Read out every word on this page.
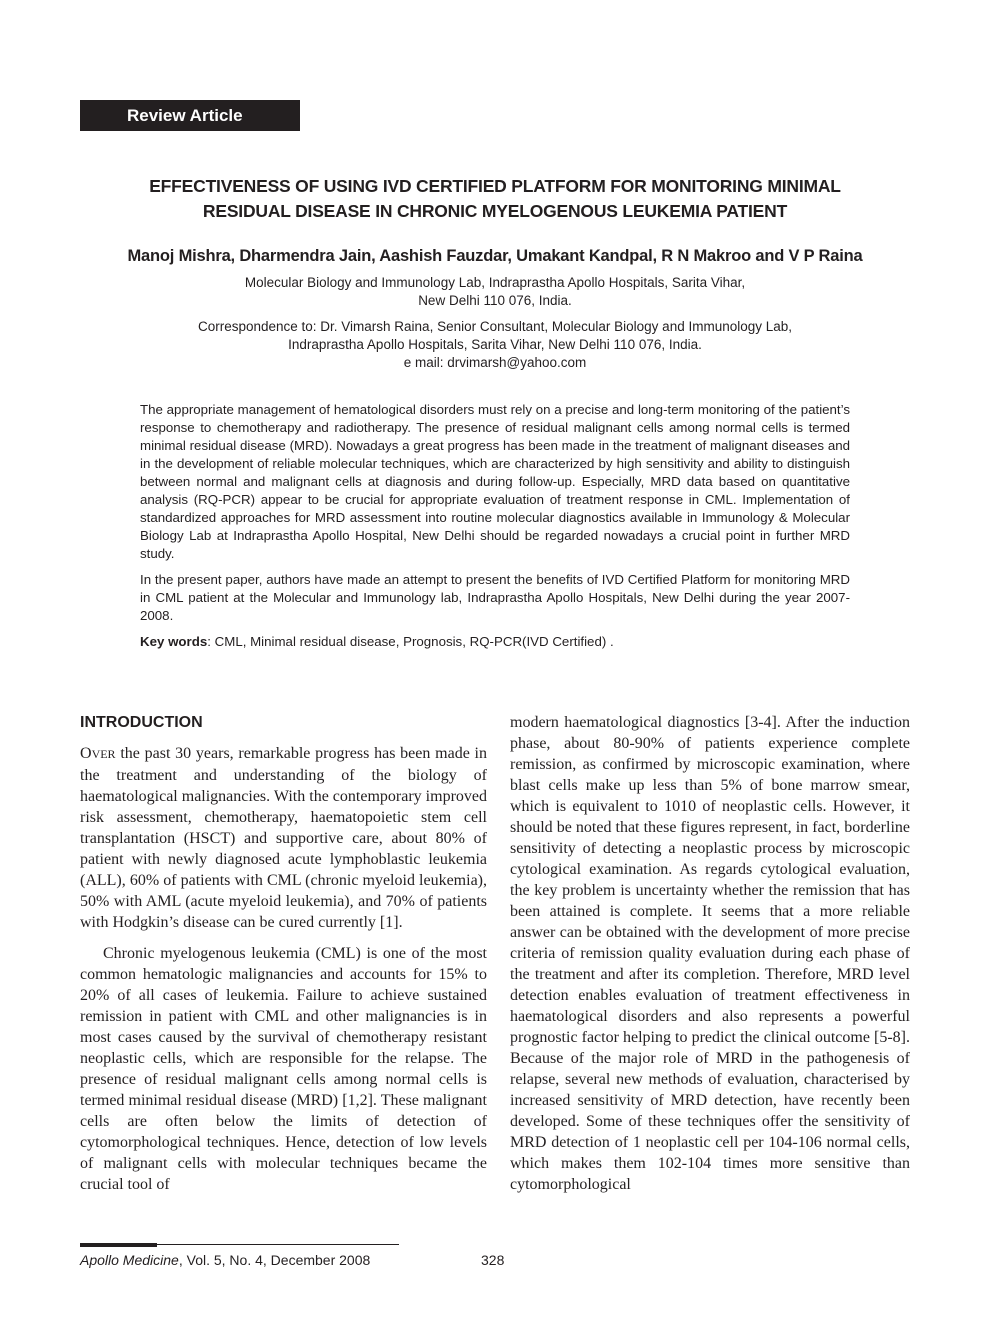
Review Article
EFFECTIVENESS OF USING IVD CERTIFIED PLATFORM FOR MONITORING MINIMAL
RESIDUAL DISEASE IN CHRONIC MYELOGENOUS LEUKEMIA PATIENT

Manoj Mishra, Dharmendra Jain, Aashish Fauzdar, Umakant Kandpal, R N Makroo and V P Raina

Molecular Biology and Immunology Lab, Indraprastha Apollo Hospitals, Sarita Vihar,
New Delhi 110 076, India.
Correspondence to: Dr. Vimarsh Raina, Senior Consultant, Molecular Biology and Immunology Lab,
Indraprastha Apollo Hospitals, Sarita Vihar, New Delhi 110 076, India.
e mail: drvimarsh@yahoo.com

The appropriate management of hematological disorders must rely on a precise and long-term monitoring of the patient’s response to chemotherapy and radiotherapy. The presence of residual malignant cells among normal cells is termed minimal residual disease (MRD). Nowadays a great progress has been made in the treatment of malignant diseases and in the development of reliable molecular techniques, which are characterized by high sensitivity and ability to distinguish between normal and malignant cells at diagnosis and during follow-up. Especially, MRD data based on quantitative analysis (RQ-PCR) appear to be crucial for appropriate evaluation of treatment response in CML. Implementation of standardized approaches for MRD assessment into routine molecular diagnostics available in Immunology & Molecular Biology Lab at Indraprastha Apollo Hospital, New Delhi should be regarded nowadays a crucial point in further MRD study.

In the present paper, authors have made an attempt to present the benefits of IVD Certified Platform for monitoring MRD in CML patient at the Molecular and Immunology lab, Indraprastha Apollo Hospitals, New Delhi during the year 2007-2008.

Key words: CML, Minimal residual disease, Prognosis, RQ-PCR(IVD Certified) .

INTRODUCTION

OVER the past 30 years, remarkable progress has been made in the treatment and understanding of the biology of haematological malignancies. With the contemporary improved risk assessment, chemotherapy, haematopoietic stem cell transplantation (HSCT) and supportive care, about 80% of patient with newly diagnosed acute lymphoblastic leukemia (ALL), 60% of patients with CML (chronic myeloid leukemia), 50% with AML (acute myeloid leukemia), and 70% of patients with Hodgkin’s disease can be cured currently [1].

Chronic myelogenous leukemia (CML) is one of the most common hematologic malignancies and accounts for 15% to 20% of all cases of leukemia. Failure to achieve sustained remission in patient with CML and other malignancies is in most cases caused by the survival of chemotherapy resistant neoplastic cells, which are responsible for the relapse. The presence of residual malignant cells among normal cells is termed minimal residual disease (MRD) [1,2]. These malignant cells are often below the limits of detection of cytomorphological techniques. Hence, detection of low levels of malignant cells with molecular techniques became the crucial tool of

modern haematological diagnostics [3-4]. After the induction phase, about 80-90% of patients experience complete remission, as confirmed by microscopic examination, where blast cells make up less than 5% of bone marrow smear, which is equivalent to 1010 of neoplastic cells. However, it should be noted that these figures represent, in fact, borderline sensitivity of detecting a neoplastic process by microscopic cytological examination. As regards cytological evaluation, the key problem is uncertainty whether the remission that has been attained is complete. It seems that a more reliable answer can be obtained with the development of more precise criteria of remission quality evaluation during each phase of the treatment and after its completion. Therefore, MRD level detection enables evaluation of treatment effectiveness in haematological disorders and also represents a powerful prognostic factor helping to predict the clinical outcome [5-8]. Because of the major role of MRD in the pathogenesis of relapse, several new methods of evaluation, characterised by increased sensitivity of MRD detection, have recently been developed. Some of these techniques offer the sensitivity of MRD detection of 1 neoplastic cell per 104-106 normal cells, which makes them 102-104 times more sensitive than cytomorphological

Apollo Medicine, Vol. 5, No. 4, December 2008	328
